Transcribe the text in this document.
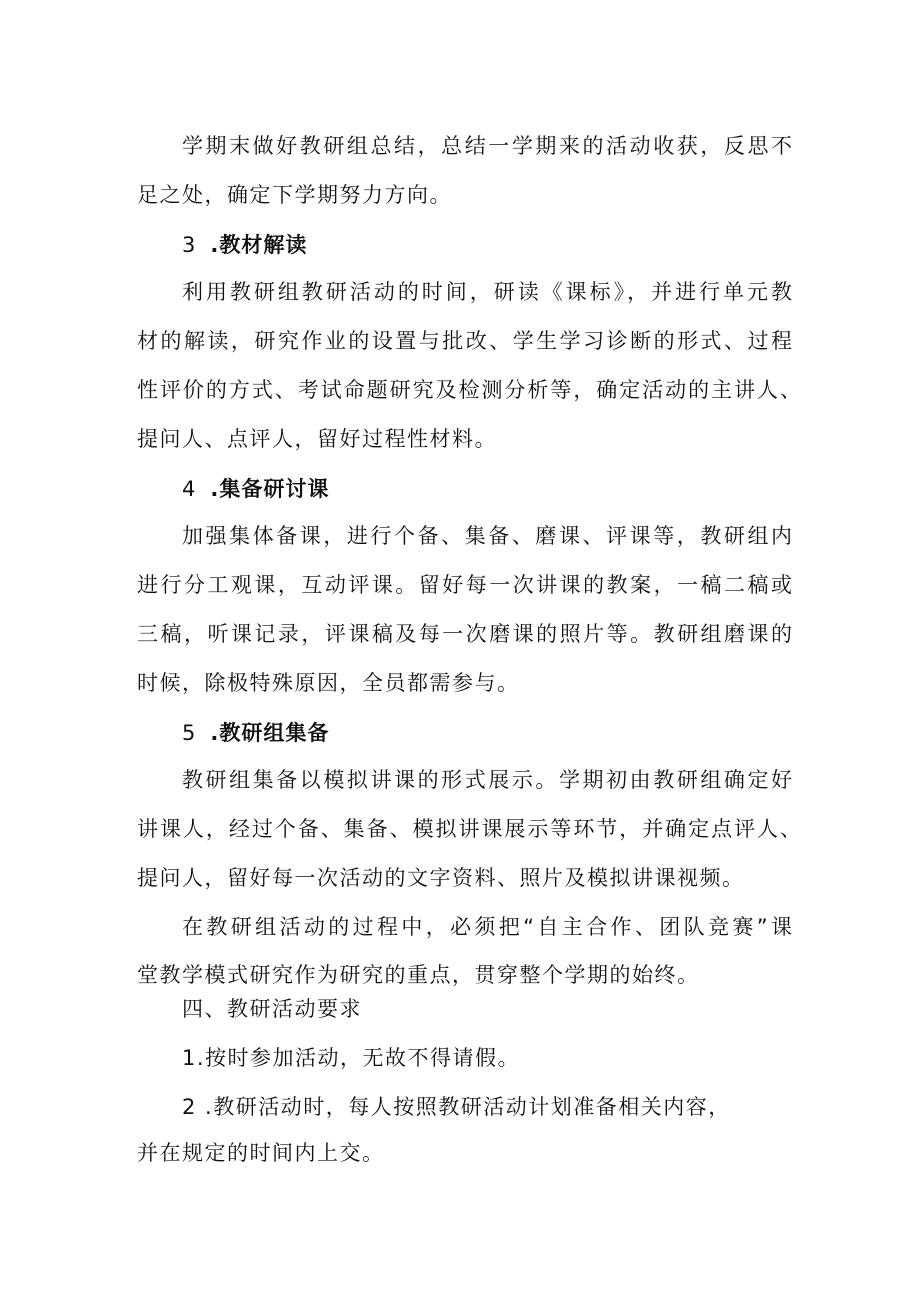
学期末做好教研组总结，总结一学期来的活动收获，反思不
足之处，确定下学期努力方向。
3 .教材解读
利用教研组教研活动的时间，研读《课标》，并进行单元教
材的解读，研究作业的设置与批改、学生学习诊断的形式、过程
性评价的方式、考试命题研究及检测分析等，确定活动的主讲人、
提问人、点评人，留好过程性材料。
4 .集备研讨课
加强集体备课，进行个备、集备、磨课、评课等，教研组内
进行分工观课，互动评课。留好每一次讲课的教案，一稿二稿或
三稿，听课记录，评课稿及每一次磨课的照片等。教研组磨课的
时候，除极特殊原因，全员都需参与。
5 .教研组集备
教研组集备以模拟讲课的形式展示。学期初由教研组确定好
讲课人，经过个备、集备、模拟讲课展示等环节，并确定点评人、
提问人，留好每一次活动的文字资料、照片及模拟讲课视频。
在教研组活动的过程中，必须把“自主合作、团队竞赛”课
堂教学模式研究作为研究的重点，贯穿整个学期的始终。
四、教研活动要求
1.按时参加活动，无故不得请假。
2 .教研活动时，每人按照教研活动计划准备相关内容，
并在规定的时间内上交。
